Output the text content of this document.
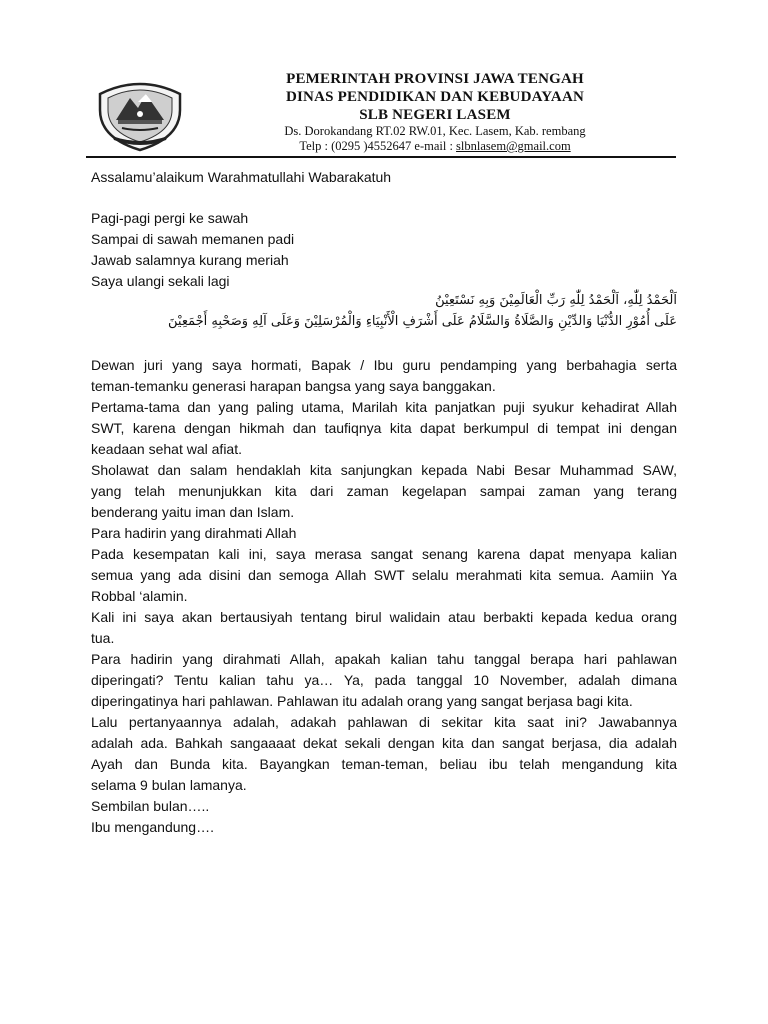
PEMERINTAH PROVINSI JAWA TENGAH
DINAS PENDIDIKAN DAN KEBUDAYAAN
SLB NEGERI LASEM
Ds. Dorokandang RT.02 RW.01, Kec. Lasem, Kab. rembang
Telp : (0295 )4552647 e-mail : slbnlasem@gmail.com
Assalamu’alaikum Warahmatullahi Wabarakatuh
Pagi-pagi pergi ke sawah
Sampai di sawah memanen padi
Jawab salamnya kurang meriah
Saya ulangi sekali lagi
اَلْحَمْدُ لِلّٰهِ، اَلْحَمْدُ لِلّٰهِ رَبِّ الْعَالَمِيْنَ وَبِهِ نَسْتَعِيْنُ
عَلَى أُمُوْرِ الدُّنْيَا وَالدِّيْنِ وَالصَّلَاةُ وَالسَّلَامُ عَلَى أَشْرَفِ الْأَنْبِيَاءِ وَالْمُرْسَلِيْنَ وَعَلَى آلِهِ وَصَحْبِهِ أَجْمَعِيْنَ
Dewan juri yang saya hormati, Bapak / Ibu guru pendamping yang berbahagia serta
teman-temanku generasi harapan bangsa yang saya banggakan.
Pertama-tama dan yang paling utama, Marilah kita panjatkan puji syukur kehadirat Allah
SWT, karena dengan hikmah dan taufiqnya kita dapat berkumpul di tempat ini dengan
keadaan sehat wal afiat.
Sholawat dan salam hendaklah kita sanjungkan kepada Nabi Besar Muhammad SAW,
yang telah menunjukkan kita dari zaman kegelapan sampai zaman yang terang
benderang yaitu iman dan Islam.
Para hadirin yang dirahmati Allah
Pada kesempatan kali ini, saya merasa sangat senang karena dapat menyapa kalian
semua yang ada disini dan semoga Allah SWT selalu merahmati kita semua. Aamiin Ya
Robbal ‘alamin.
Kali ini saya akan bertausiyah tentang birul walidain atau berbakti kepada kedua orang
tua.
Para hadirin yang dirahmati Allah, apakah kalian tahu tanggal berapa hari pahlawan
diperingati? Tentu kalian tahu ya… Ya, pada tanggal 10 November, adalah dimana
diperingatinya hari pahlawan. Pahlawan itu adalah orang yang sangat berjasa bagi kita.
Lalu pertanyaannya adalah, adakah pahlawan di sekitar kita saat ini? Jawabannya
adalah ada. Bahkah sangaaaat dekat sekali dengan kita dan sangat berjasa, dia adalah
Ayah dan Bunda kita. Bayangkan teman-teman, beliau ibu telah mengandung kita
selama 9 bulan lamanya.
Sembilan bulan…..
Ibu mengandung….
